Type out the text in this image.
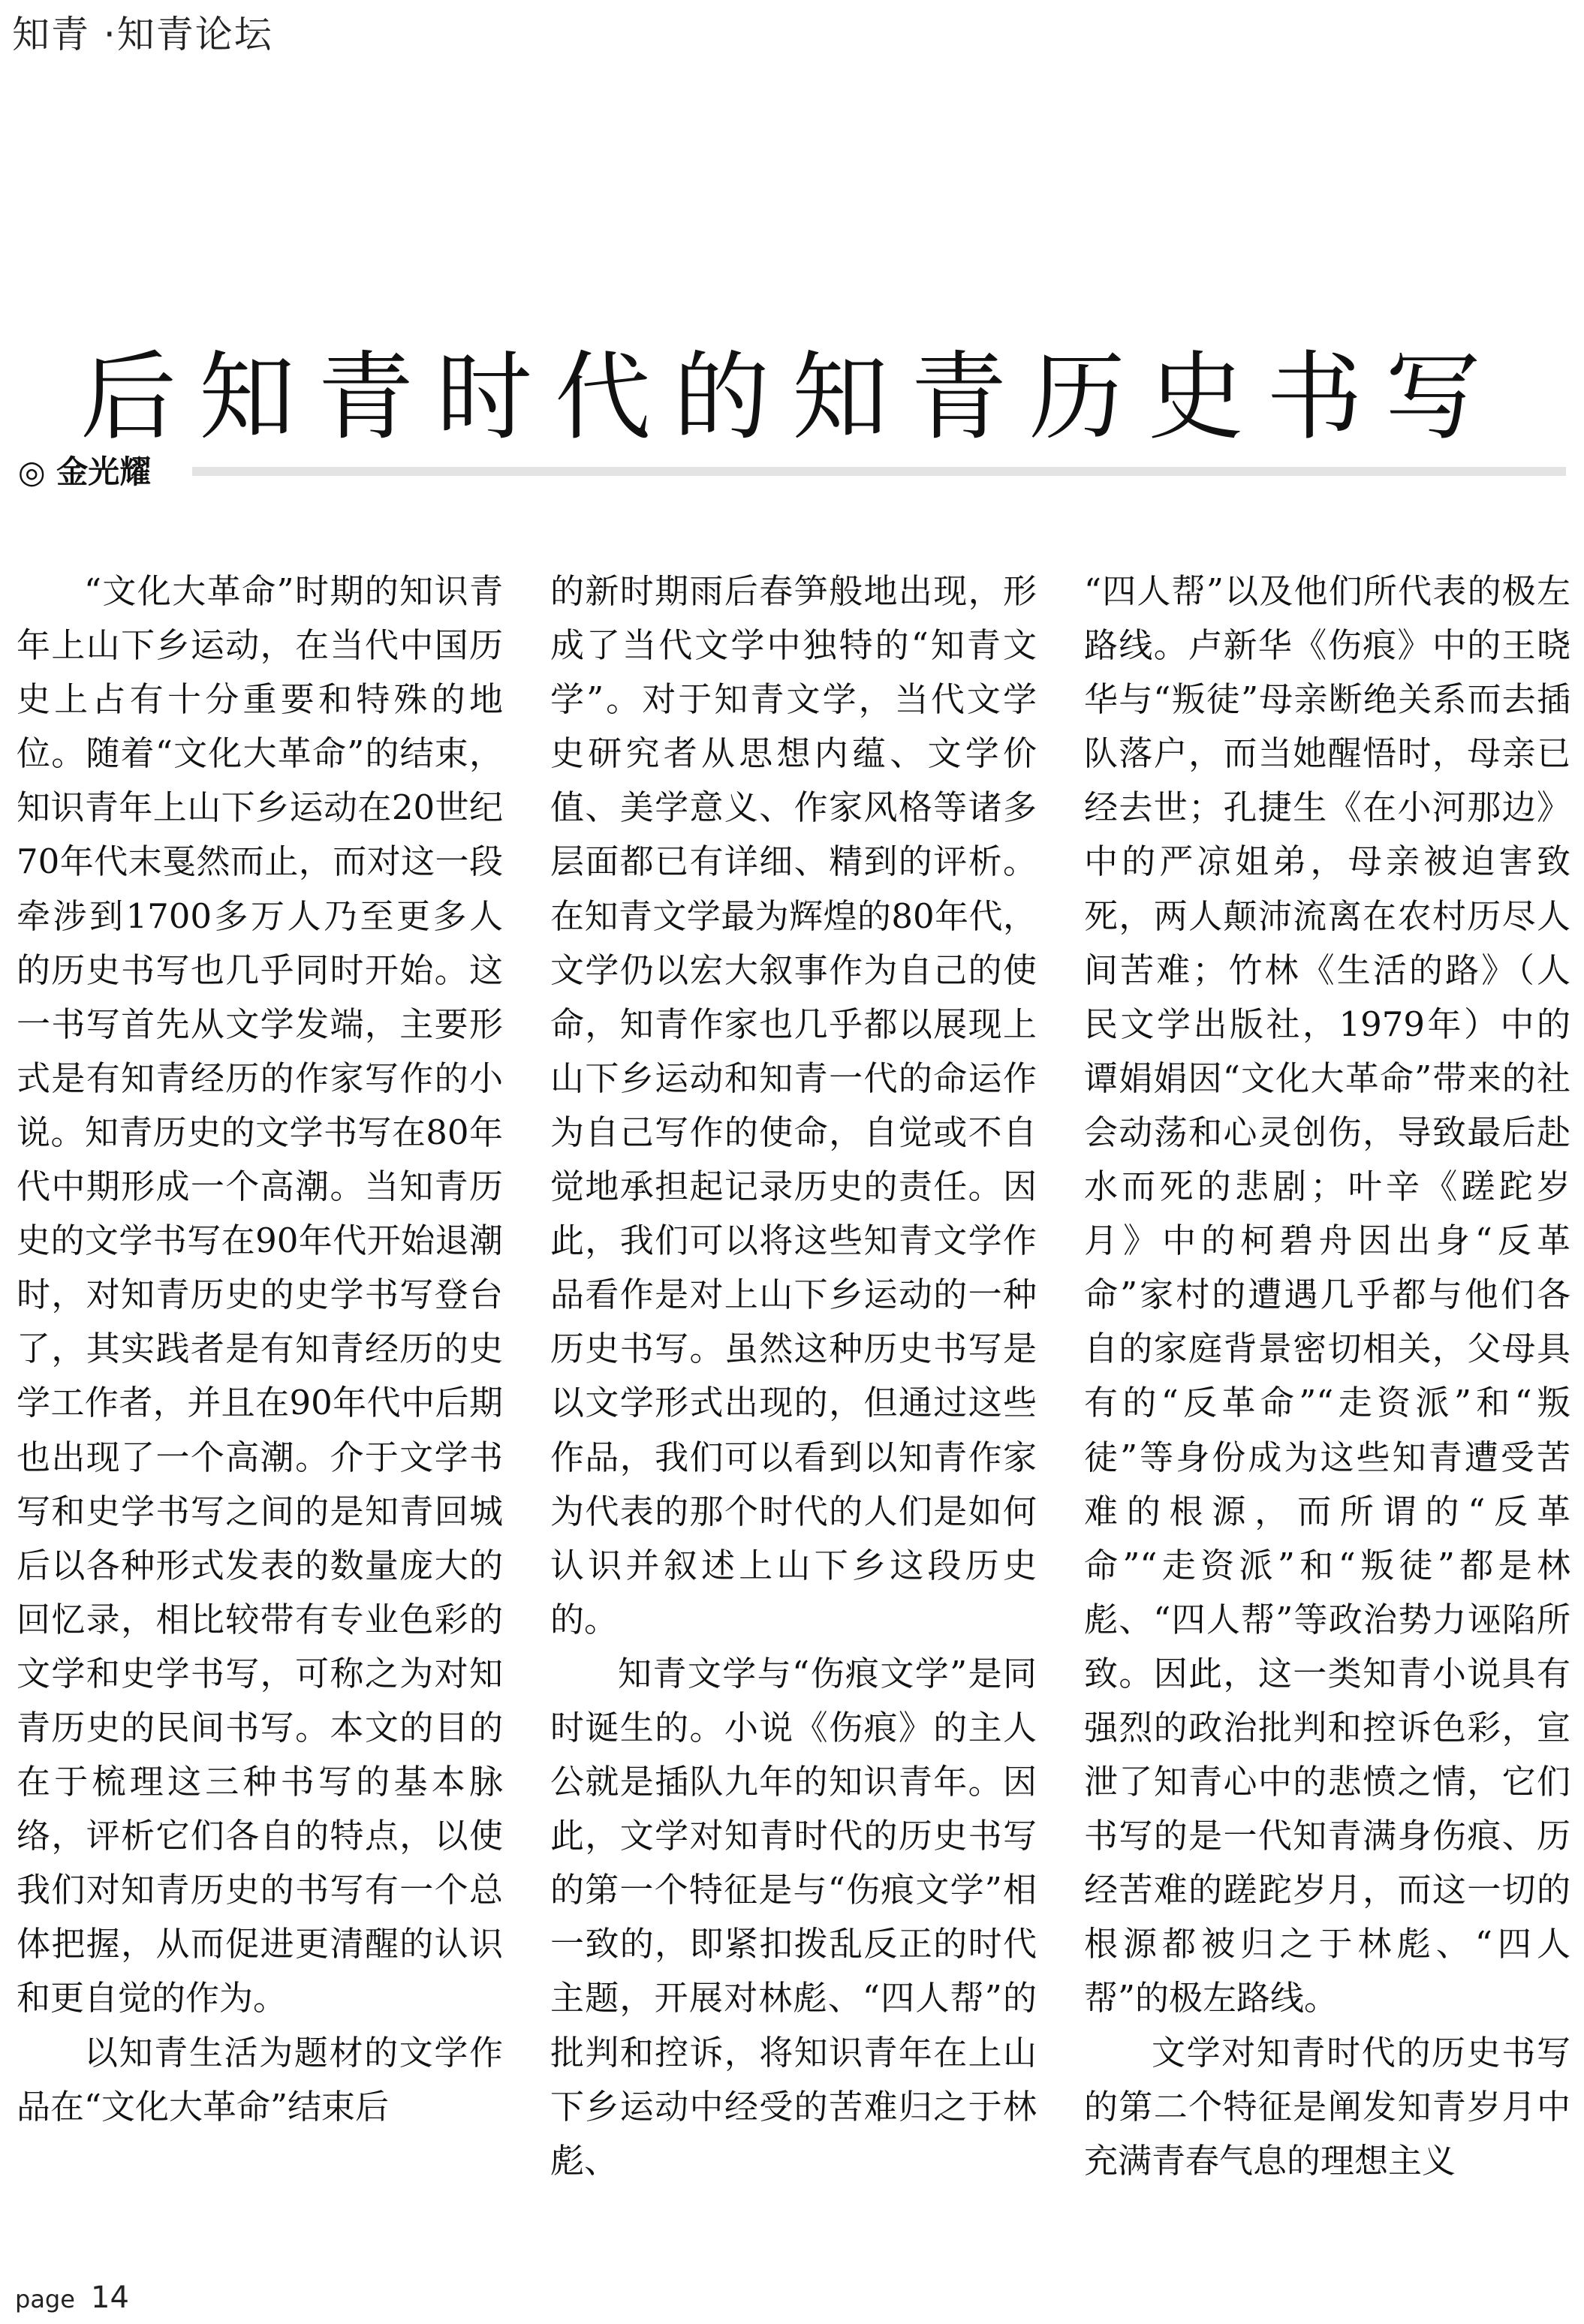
知青 ·知青论坛
后知青时代的知青历史书写
◎ 金光耀

“文化大革命”时期的知识青年上山下乡运动，在当代中国历史上占有十分重要和特殊的地位。随着“文化大革命”的结束，知识青年上山下乡运动在20世纪70年代末戛然而止，而对这一段牵涉到1700多万人乃至更多人的历史书写也几乎同时开始。这一书写首先从文学发端，主要形式是有知青经历的作家写作的小说。知青历史的文学书写在80年代中期形成一个高潮。当知青历史的文学书写在90年代开始退潮时，对知青历史的史学书写登台了，其实践者是有知青经历的史学工作者，并且在90年代中后期也出现了一个高潮。介于文学书写和史学书写之间的是知青回城后以各种形式发表的数量庞大的回忆录，相比较带有专业色彩的文学和史学书写，可称之为对知青历史的民间书写。本文的目的在于梳理这三种书写的基本脉络，评析它们各自的特点，以使我们对知青历史的书写有一个总体把握，从而促进更清醒的认识和更自觉的作为。

以知青生活为题材的文学作品在“文化大革命”结束后

的新时期雨后春笋般地出现，形成了当代文学中独特的“知青文学”。对于知青文学，当代文学史研究者从思想内蕴、文学价值、美学意义、作家风格等诸多层面都已有详细、精到的评析。在知青文学最为辉煌的80年代，文学仍以宏大叙事作为自己的使命，知青作家也几乎都以展现上山下乡运动和知青一代的命运作为自己写作的使命，自觉或不自觉地承担起记录历史的责任。因此，我们可以将这些知青文学作品看作是对上山下乡运动的一种历史书写。虽然这种历史书写是以文学形式出现的，但通过这些作品，我们可以看到以知青作家为代表的那个时代的人们是如何认识并叙述上山下乡这段历史的。

知青文学与“伤痕文学”是同时诞生的。小说《伤痕》的主人公就是插队九年的知识青年。因此，文学对知青时代的历史书写的第一个特征是与“伤痕文学”相一致的，即紧扣拨乱反正的时代主题，开展对林彪、“四人帮”的批判和控诉，将知识青年在上山下乡运动中经受的苦难归之于林彪、

“四人帮”以及他们所代表的极左路线。卢新华《伤痕》中的王晓华与“叛徒”母亲断绝关系而去插队落户，而当她醒悟时，母亲已经去世；孔捷生《在小河那边》中的严凉姐弟，母亲被迫害致死，两人颠沛流离在农村历尽人间苦难；竹林《生活的路》（人民文学出版社，1979年）中的谭娟娟因“文化大革命”带来的社会动荡和心灵创伤，导致最后赴水而死的悲剧；叶辛《蹉跎岁月》中的柯碧舟因出身“反革命”家村的遭遇几乎都与他们各自的家庭背景密切相关，父母具有的“反革命”“走资派”和“叛徒”等身份成为这些知青遭受苦难的根源，而所谓的“反革命”“走资派”和“叛徒”都是林彪、“四人帮”等政治势力诬陷所致。因此，这一类知青小说具有强烈的政治批判和控诉色彩，宣泄了知青心中的悲愤之情，它们书写的是一代知青满身伤痕、历经苦难的蹉跎岁月，而这一切的根源都被归之于林彪、“四人帮”的极左路线。

文学对知青时代的历史书写的第二个特征是阐发知青岁月中充满青春气息的理想主义

page 14
